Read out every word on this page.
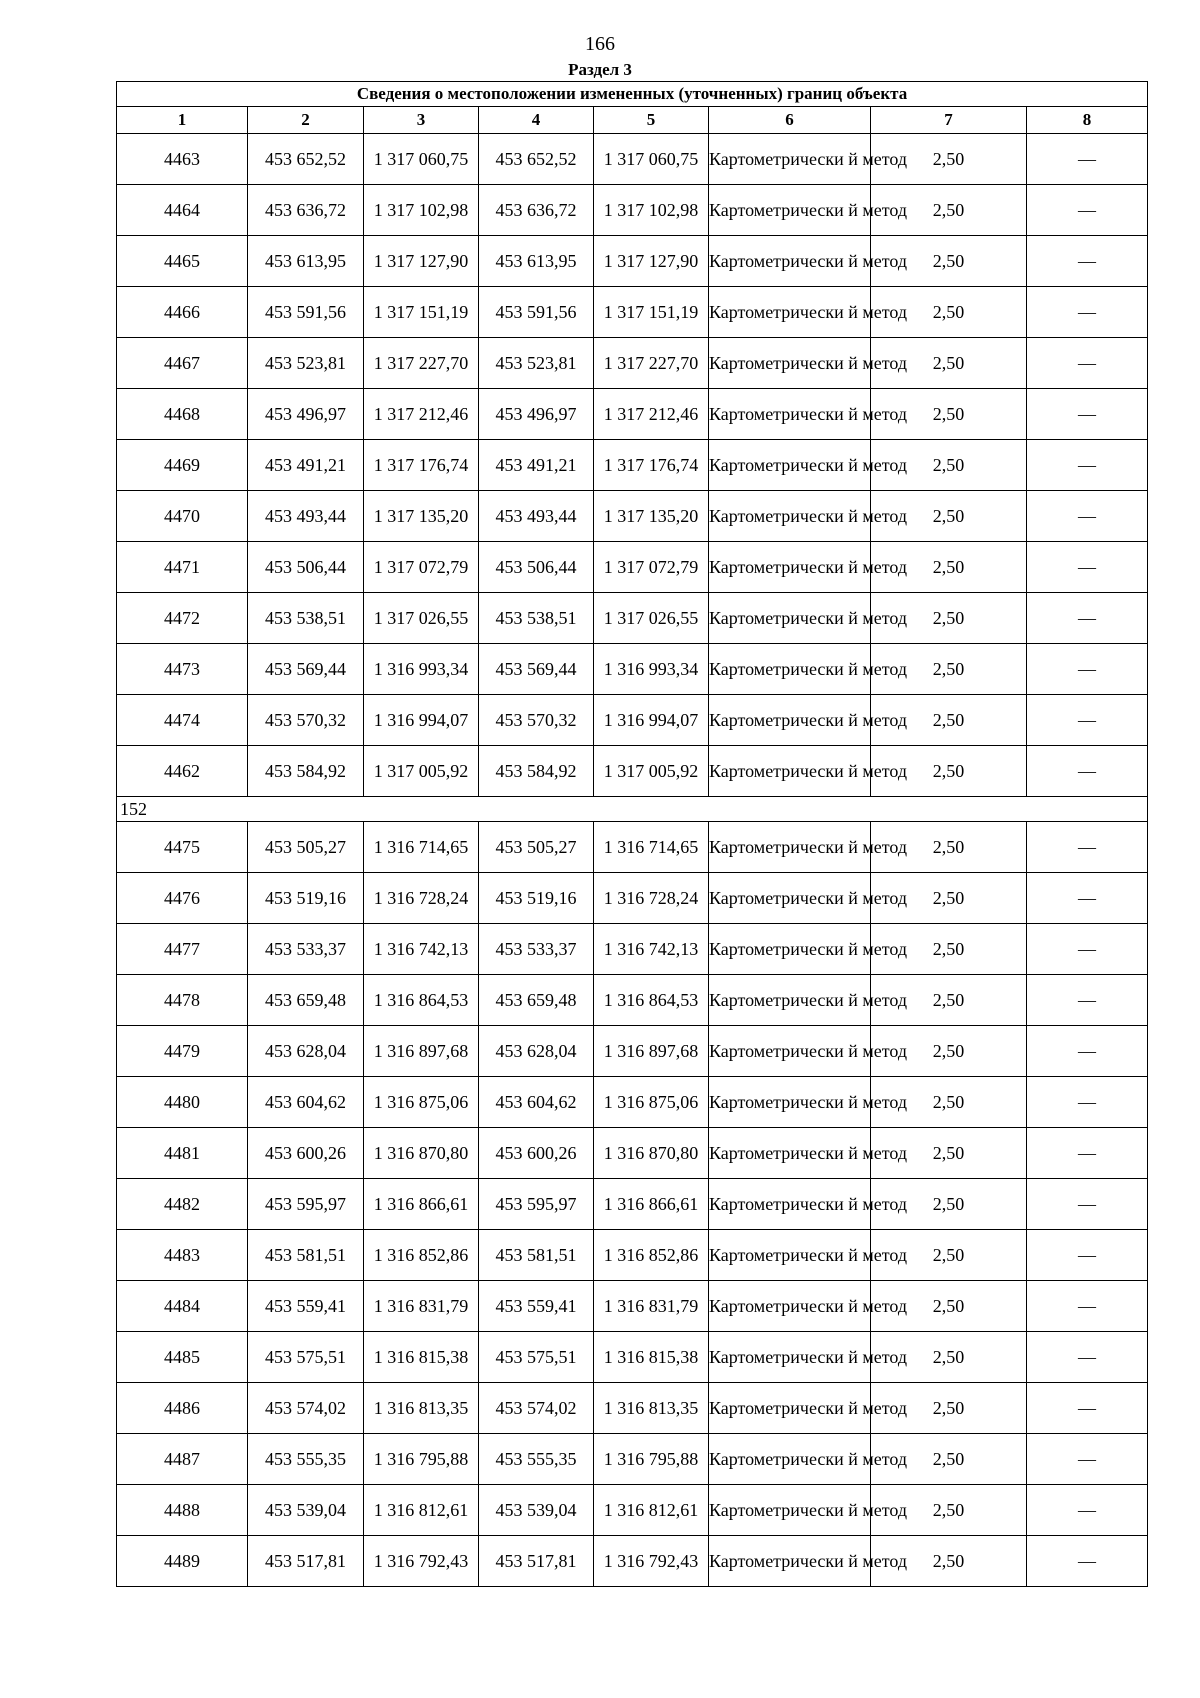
166
Раздел 3
Сведения о местоположении измененных (уточненных) границ объекта							
1	2	3	4	5	6	7	8
4463	453 652,52	1 317 060,75	453 652,52	1 317 060,75	Картометрически й метод	2,50	—
4464	453 636,72	1 317 102,98	453 636,72	1 317 102,98	Картометрически й метод	2,50	—
4465	453 613,95	1 317 127,90	453 613,95	1 317 127,90	Картометрически й метод	2,50	—
4466	453 591,56	1 317 151,19	453 591,56	1 317 151,19	Картометрически й метод	2,50	—
4467	453 523,81	1 317 227,70	453 523,81	1 317 227,70	Картометрически й метод	2,50	—
4468	453 496,97	1 317 212,46	453 496,97	1 317 212,46	Картометрически й метод	2,50	—
4469	453 491,21	1 317 176,74	453 491,21	1 317 176,74	Картометрически й метод	2,50	—
4470	453 493,44	1 317 135,20	453 493,44	1 317 135,20	Картометрически й метод	2,50	—
4471	453 506,44	1 317 072,79	453 506,44	1 317 072,79	Картометрически й метод	2,50	—
4472	453 538,51	1 317 026,55	453 538,51	1 317 026,55	Картометрически й метод	2,50	—
4473	453 569,44	1 316 993,34	453 569,44	1 316 993,34	Картометрически й метод	2,50	—
4474	453 570,32	1 316 994,07	453 570,32	1 316 994,07	Картометрически й метод	2,50	—
4462	453 584,92	1 317 005,92	453 584,92	1 317 005,92	Картометрически й метод	2,50	—
152							
4475	453 505,27	1 316 714,65	453 505,27	1 316 714,65	Картометрически й метод	2,50	—
4476	453 519,16	1 316 728,24	453 519,16	1 316 728,24	Картометрически й метод	2,50	—
4477	453 533,37	1 316 742,13	453 533,37	1 316 742,13	Картометрически й метод	2,50	—
4478	453 659,48	1 316 864,53	453 659,48	1 316 864,53	Картометрически й метод	2,50	—
4479	453 628,04	1 316 897,68	453 628,04	1 316 897,68	Картометрически й метод	2,50	—
4480	453 604,62	1 316 875,06	453 604,62	1 316 875,06	Картометрически й метод	2,50	—
4481	453 600,26	1 316 870,80	453 600,26	1 316 870,80	Картометрически й метод	2,50	—
4482	453 595,97	1 316 866,61	453 595,97	1 316 866,61	Картометрически й метод	2,50	—
4483	453 581,51	1 316 852,86	453 581,51	1 316 852,86	Картометрически й метод	2,50	—
4484	453 559,41	1 316 831,79	453 559,41	1 316 831,79	Картометрически й метод	2,50	—
4485	453 575,51	1 316 815,38	453 575,51	1 316 815,38	Картометрически й метод	2,50	—
4486	453 574,02	1 316 813,35	453 574,02	1 316 813,35	Картометрически й метод	2,50	—
4487	453 555,35	1 316 795,88	453 555,35	1 316 795,88	Картометрически й метод	2,50	—
4488	453 539,04	1 316 812,61	453 539,04	1 316 812,61	Картометрически й метод	2,50	—
4489	453 517,81	1 316 792,43	453 517,81	1 316 792,43	Картометрически й метод	2,50	—
